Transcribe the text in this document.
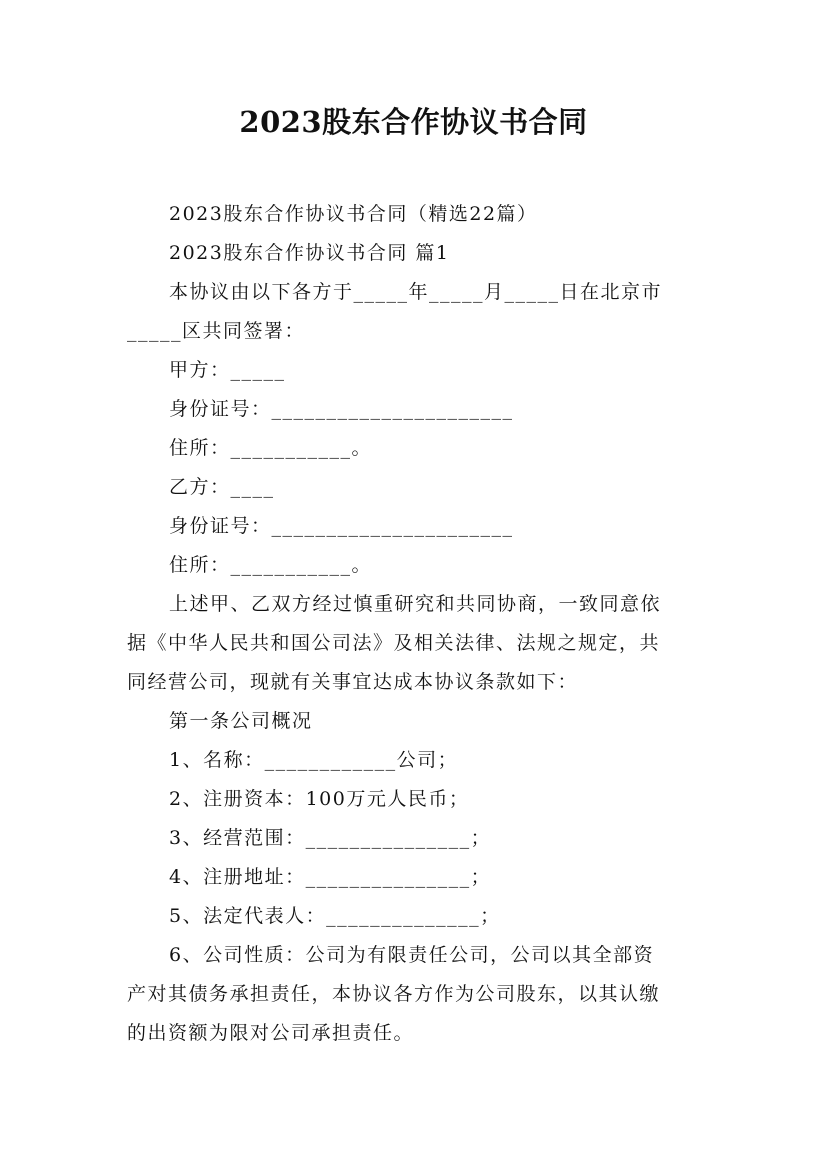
2023股东合作协议书合同
2023股东合作协议书合同（精选22篇）
2023股东合作协议书合同 篇1
本协议由以下各方于_____年_____月_____日在北京市
_____区共同签署：
甲方：_____
身份证号：______________________
住所：___________。
乙方：____
身份证号：______________________
住所：___________。
上述甲、乙双方经过慎重研究和共同协商，一致同意依
据《中华人民共和国公司法》及相关法律、法规之规定，共
同经营公司，现就有关事宜达成本协议条款如下：
第一条公司概况
1、名称：____________公司；
2、注册资本：100万元人民币；
3、经营范围：_______________；
4、注册地址：_______________；
5、法定代表人：______________；
6、公司性质：公司为有限责任公司，公司以其全部资
产对其债务承担责任，本协议各方作为公司股东，以其认缴
的出资额为限对公司承担责任。
